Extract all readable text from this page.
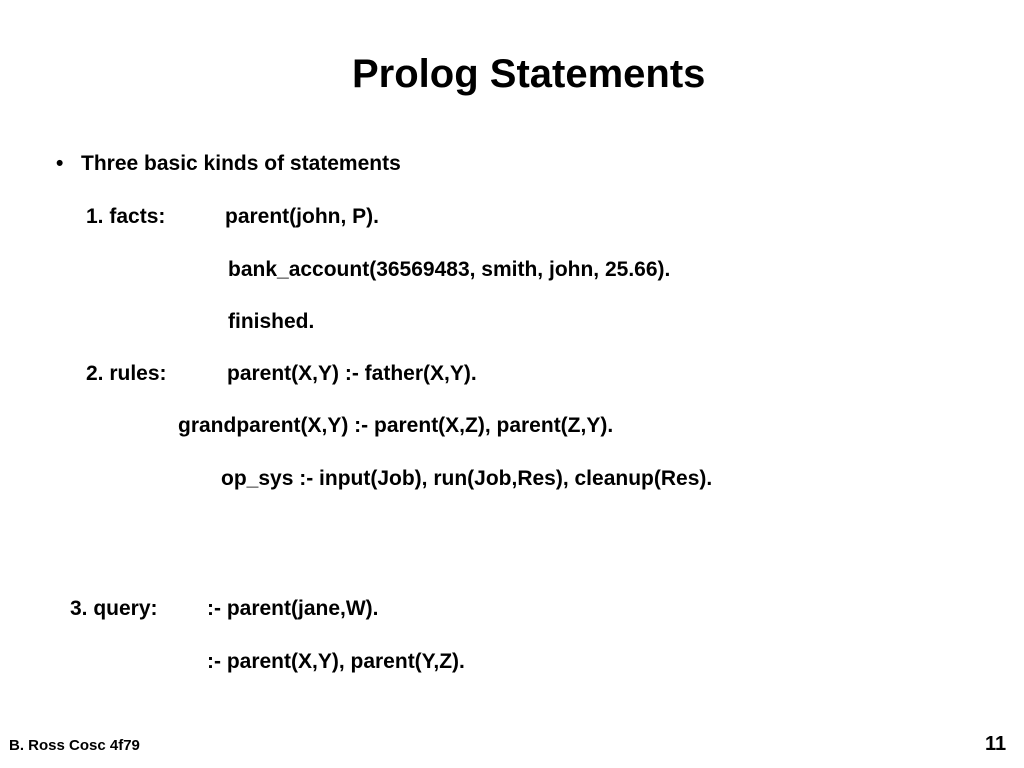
Prolog Statements
• Three basic kinds of statements
1. facts:	parent(john, P).
bank_account(36569483, smith, john, 25.66).
finished.
2. rules:	parent(X,Y) :- father(X,Y).
grandparent(X,Y) :- parent(X,Z), parent(Z,Y).
op_sys :- input(Job), run(Job,Res), cleanup(Res).
3. query: :- parent(jane,W).
:- parent(X,Y), parent(Y,Z).
B. Ross Cosc 4f79	11
